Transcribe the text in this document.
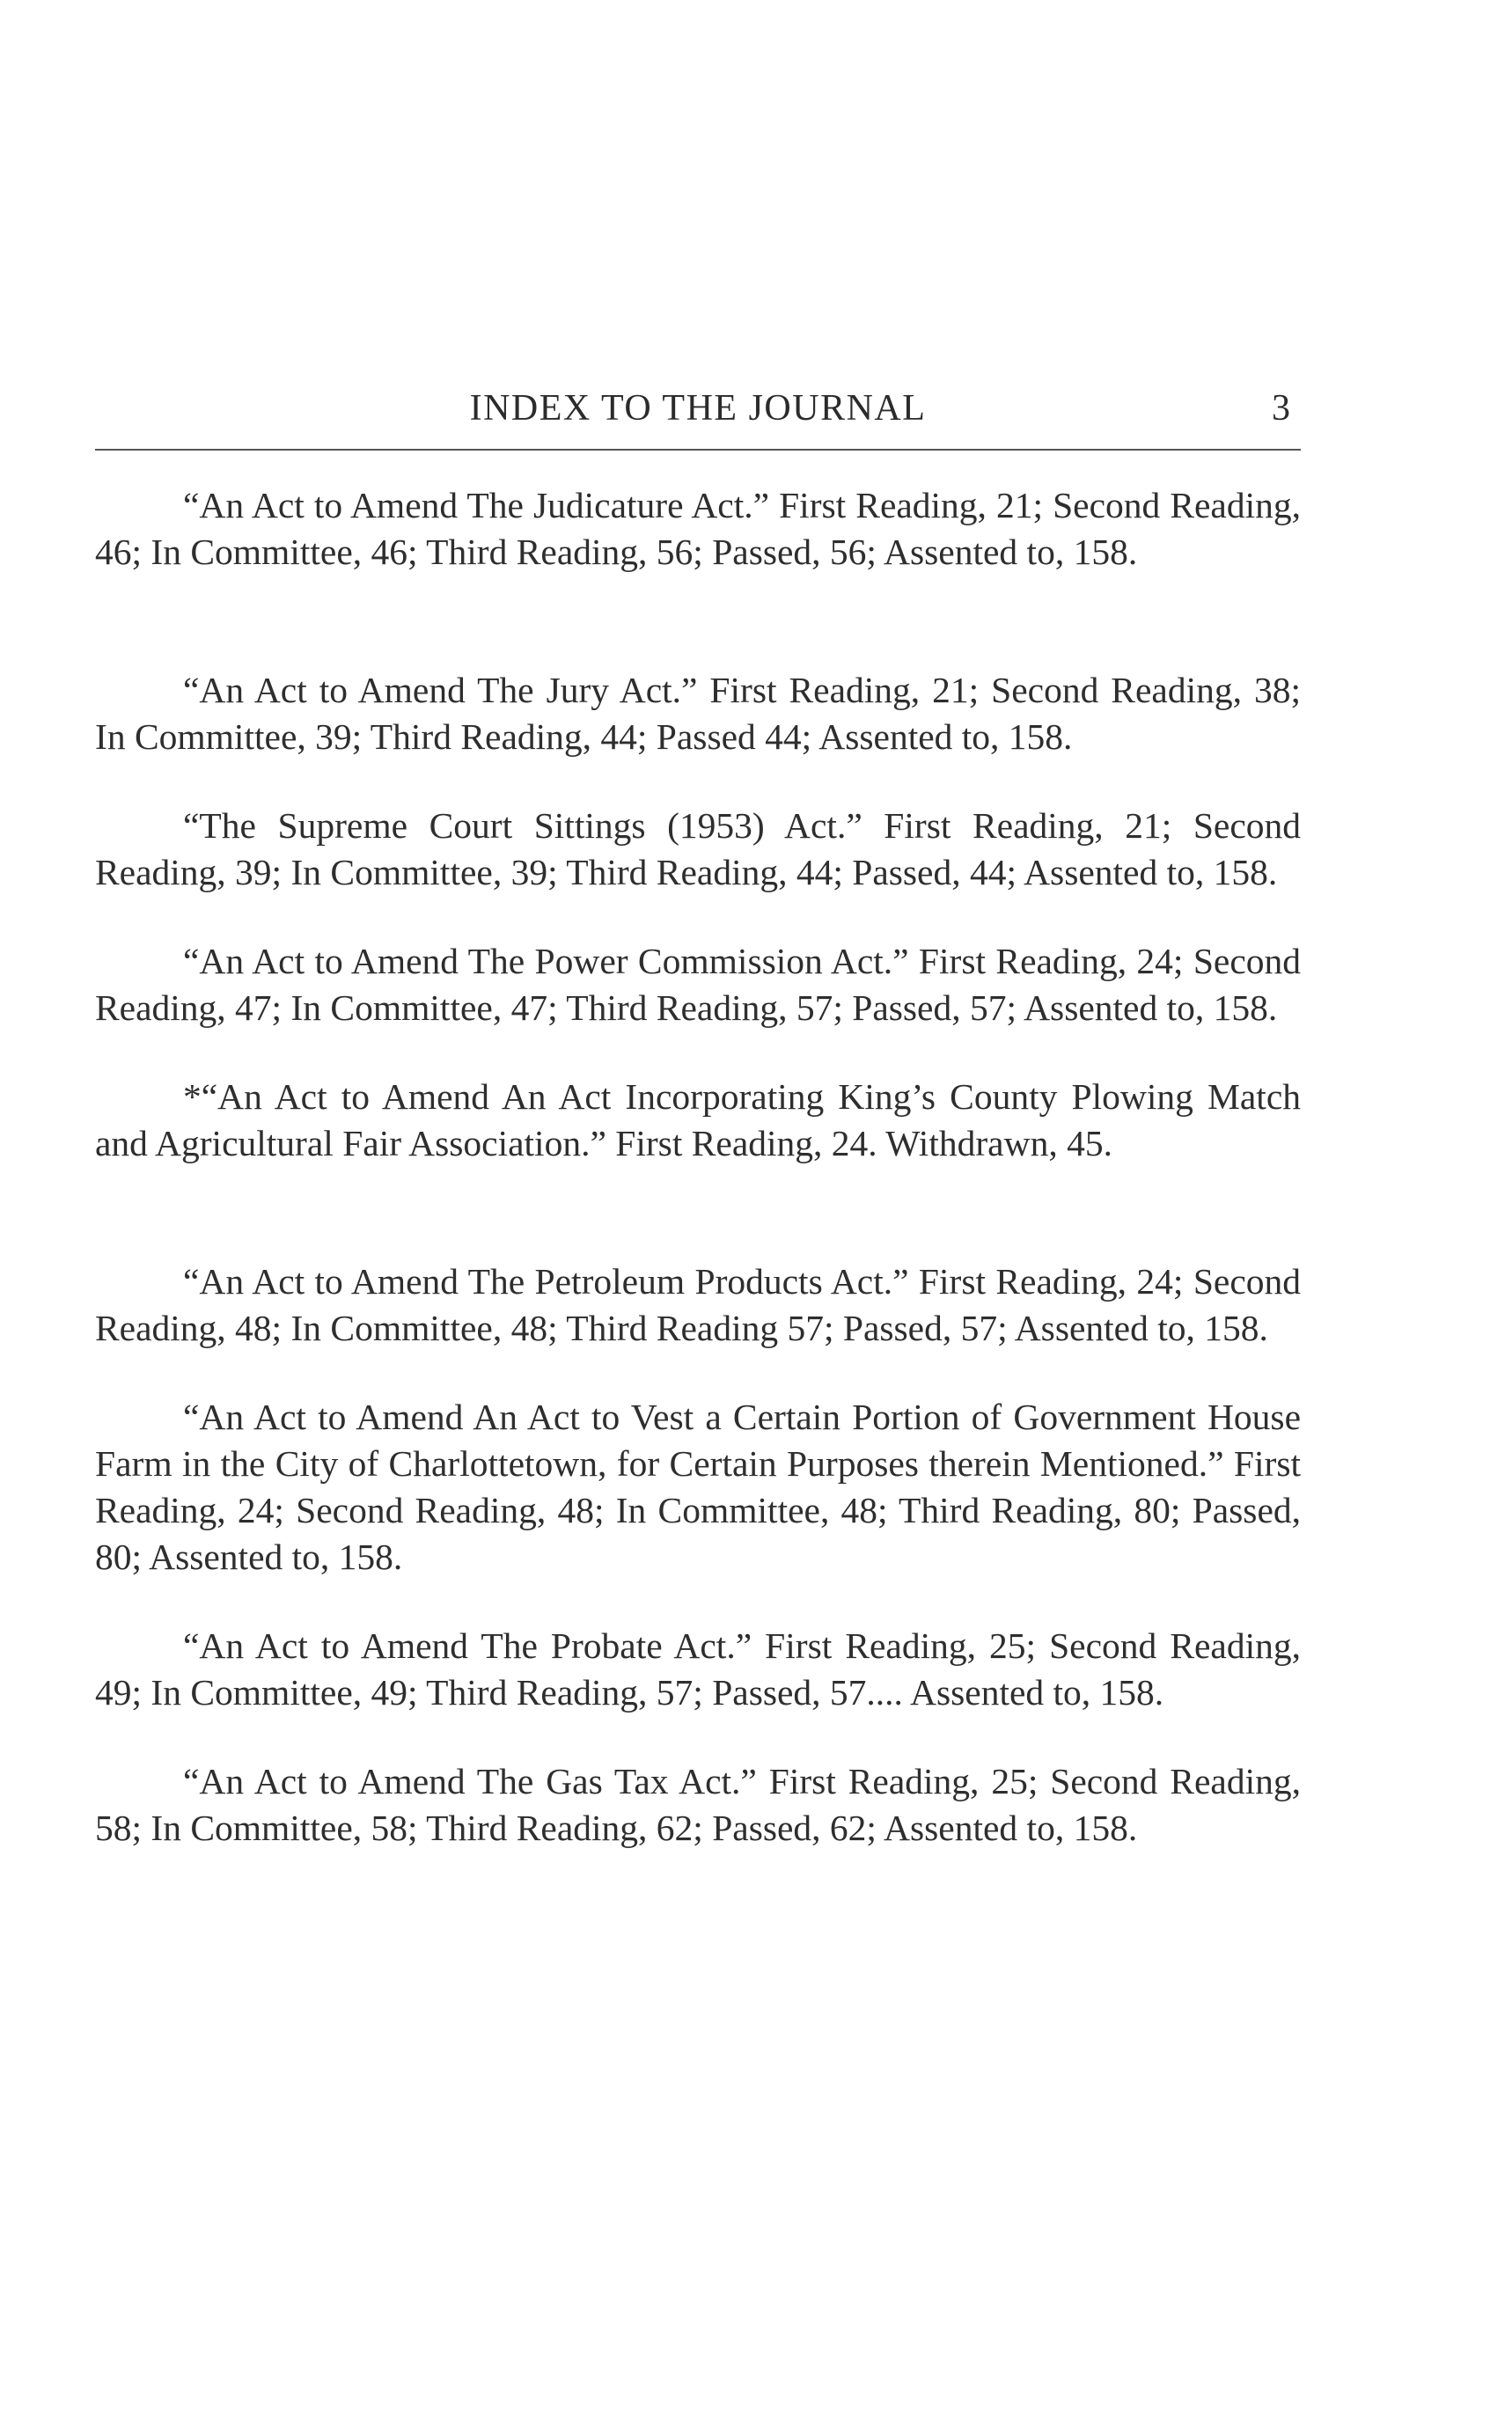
INDEX TO THE JOURNAL	3

“An Act to Amend The Judicature Act.” First Reading, 21; Second Reading, 46; In Committee, 46; Third Reading, 56; Passed, 56; Assented to, 158.

“An Act to Amend The Jury Act.” First Reading, 21; Second Reading, 38; In Committee, 39; Third Reading, 44; Passed 44; Assented to, 158.

“The Supreme Court Sittings (1953) Act.” First Reading, 21; Second Reading, 39; In Committee, 39; Third Reading, 44; Passed, 44; Assented to, 158.

“An Act to Amend The Power Commission Act.” First Reading, 24; Second Reading, 47; In Committee, 47; Third Reading, 57; Passed, 57; Assented to, 158.

*“An Act to Amend An Act Incorporating King’s County Plowing Match and Agricultural Fair Association.” First Reading, 24. Withdrawn, 45.

“An Act to Amend The Petroleum Products Act.” First Reading, 24; Second Reading, 48; In Committee, 48; Third Reading 57; Passed, 57; Assented to, 158.

“An Act to Amend An Act to Vest a Certain Portion of Government House Farm in the City of Charlottetown, for Certain Purposes therein Mentioned.” First Reading, 24; Second Reading, 48; In Committee, 48; Third Reading, 80; Passed, 80; Assented to, 158.

“An Act to Amend The Probate Act.” First Reading, 25; Second Reading, 49; In Committee, 49; Third Reading, 57; Passed, 57.... Assented to, 158.

“An Act to Amend The Gas Tax Act.” First Reading, 25; Second Reading, 58; In Committee, 58; Third Reading, 62; Passed, 62; Assented to, 158.
